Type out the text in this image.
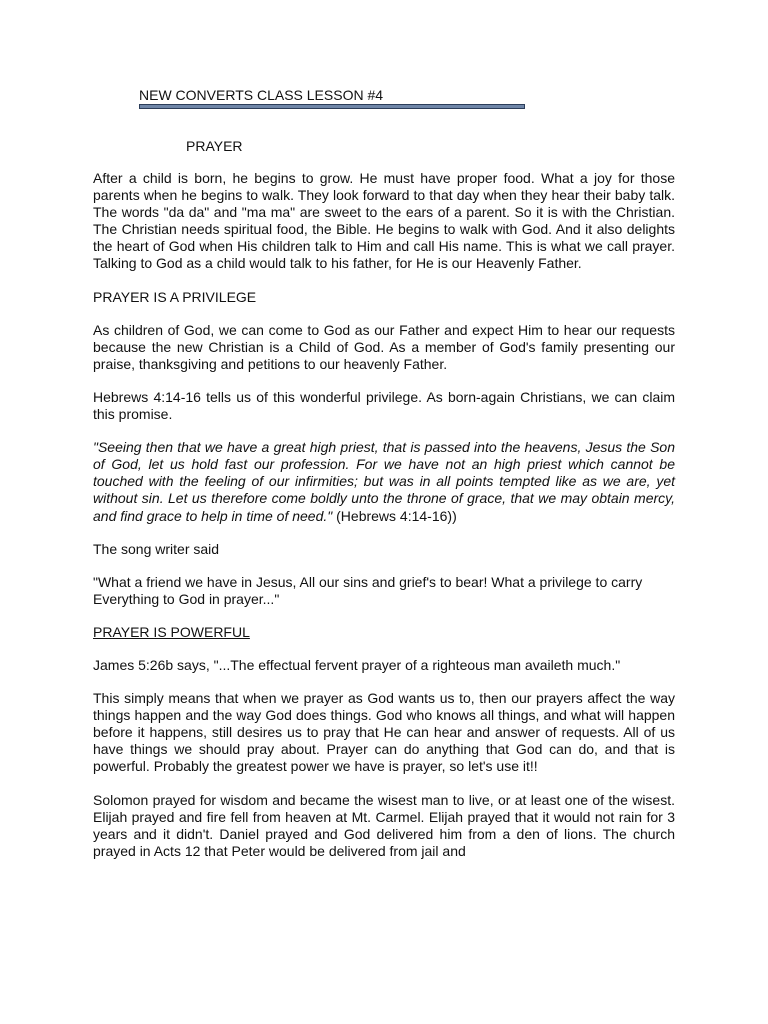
NEW CONVERTS CLASS LESSON #4
PRAYER

After a child is born, he begins to grow. He must have proper food. What a joy for those parents when he begins to walk. They look forward to that day when they hear their baby talk. The words "da da" and "ma ma" are sweet to the ears of a parent. So it is with the Christian. The Christian needs spiritual food, the Bible. He begins to walk with God. And it also delights the heart of God when His children talk to Him and call His name. This is what we call prayer. Talking to God as a child would talk to his father, for He is our Heavenly Father.

PRAYER IS A PRIVILEGE

As children of God, we can come to God as our Father and expect Him to hear our requests because the new Christian is a Child of God. As a member of God's family presenting our praise, thanksgiving and petitions to our heavenly Father.

Hebrews 4:14-16 tells us of this wonderful privilege. As born-again Christians, we can claim this promise.

"Seeing then that we have a great high priest, that is passed into the heavens, Jesus the Son of God, let us hold fast our profession. For we have not an high priest which cannot be touched with the feeling of our infirmities; but was in all points tempted like as we are, yet without sin. Let us therefore come boldly unto the throne of grace, that we may obtain mercy, and find grace to help in time of need." (Hebrews 4:14-16))

The song writer said

"What a friend we have in Jesus, All our sins and grief's to bear! What a privilege to carry Everything to God in prayer..."

PRAYER IS POWERFUL

James 5:26b says, "...The effectual fervent prayer of a righteous man availeth much."

This simply means that when we prayer as God wants us to, then our prayers affect the way things happen and the way God does things. God who knows all things, and what will happen before it happens, still desires us to pray that He can hear and answer of requests. All of us have things we should pray about. Prayer can do anything that God can do, and that is powerful. Probably the greatest power we have is prayer, so let's use it!!

Solomon prayed for wisdom and became the wisest man to live, or at least one of the wisest. Elijah prayed and fire fell from heaven at Mt. Carmel. Elijah prayed that it would not rain for 3 years and it didn't. Daniel prayed and God delivered him from a den of lions. The church prayed in Acts 12 that Peter would be delivered from jail and
